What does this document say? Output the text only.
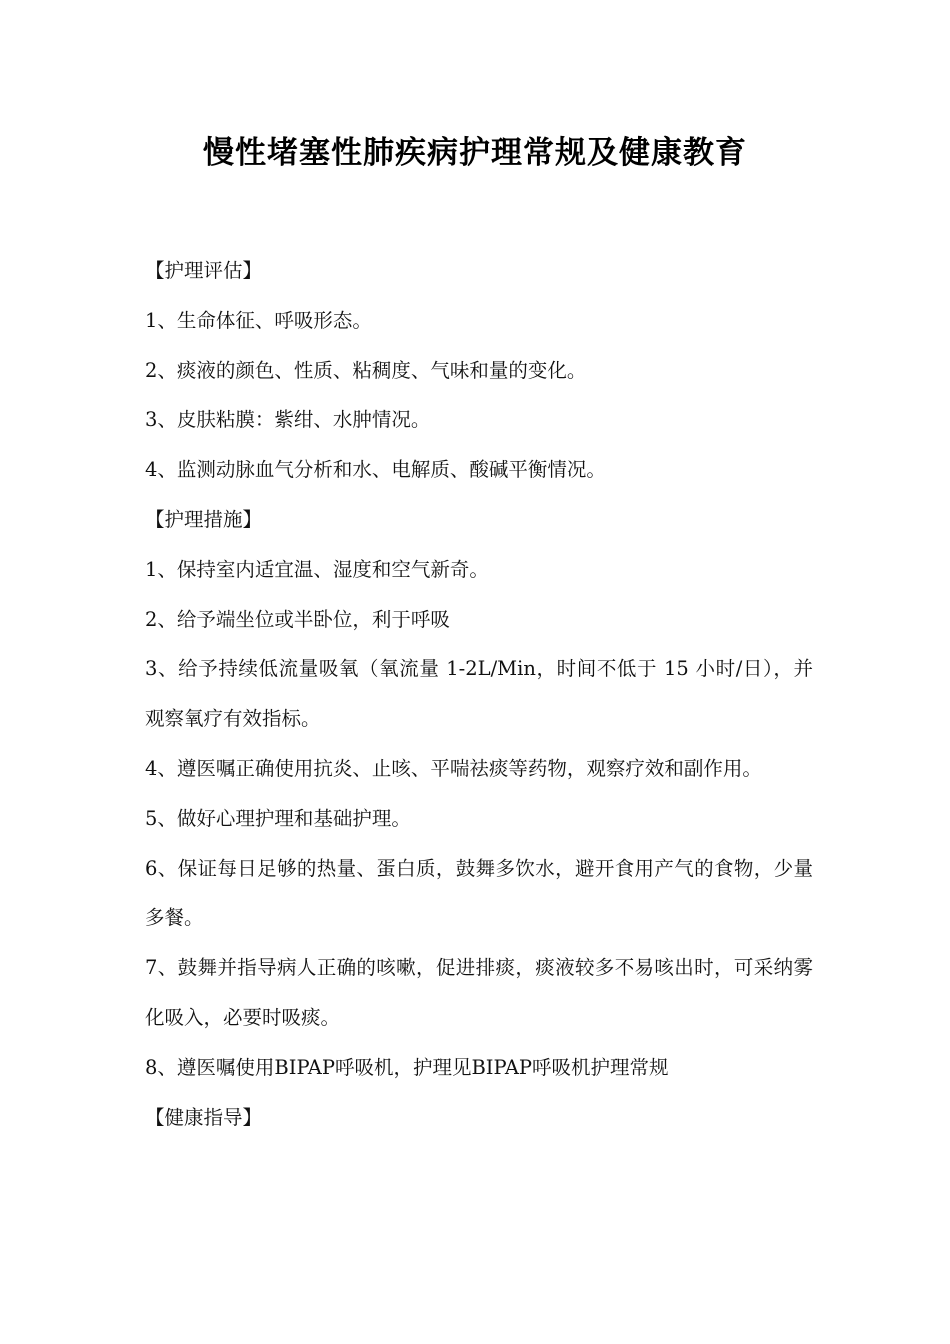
慢性堵塞性肺疾病护理常规及健康教育

【护理评估】

1、生命体征、呼吸形态。

2、痰液的颜色、性质、粘稠度、气味和量的变化。

3、皮肤粘膜：紫绀、水肿情况。

4、监测动脉血气分析和水、电解质、酸碱平衡情况。

【护理措施】

1、保持室内适宜温、湿度和空气新奇。

2、给予端坐位或半卧位，利于呼吸

3、给予持续低流量吸氧（氧流量 1-2L/Min，时间不低于 15 小时/日），并观察氧疗有效指标。

4、遵医嘱正确使用抗炎、止咳、平喘祛痰等药物，观察疗效和副作用。

5、做好心理护理和基础护理。

6、保证每日足够的热量、蛋白质，鼓舞多饮水，避开食用产气的食物，少量多餐。

7、鼓舞并指导病人正确的咳嗽，促进排痰，痰液较多不易咳出时，可采纳雾化吸入，必要时吸痰。

8、遵医嘱使用BIPAP呼吸机，护理见BIPAP呼吸机护理常规

【健康指导】
